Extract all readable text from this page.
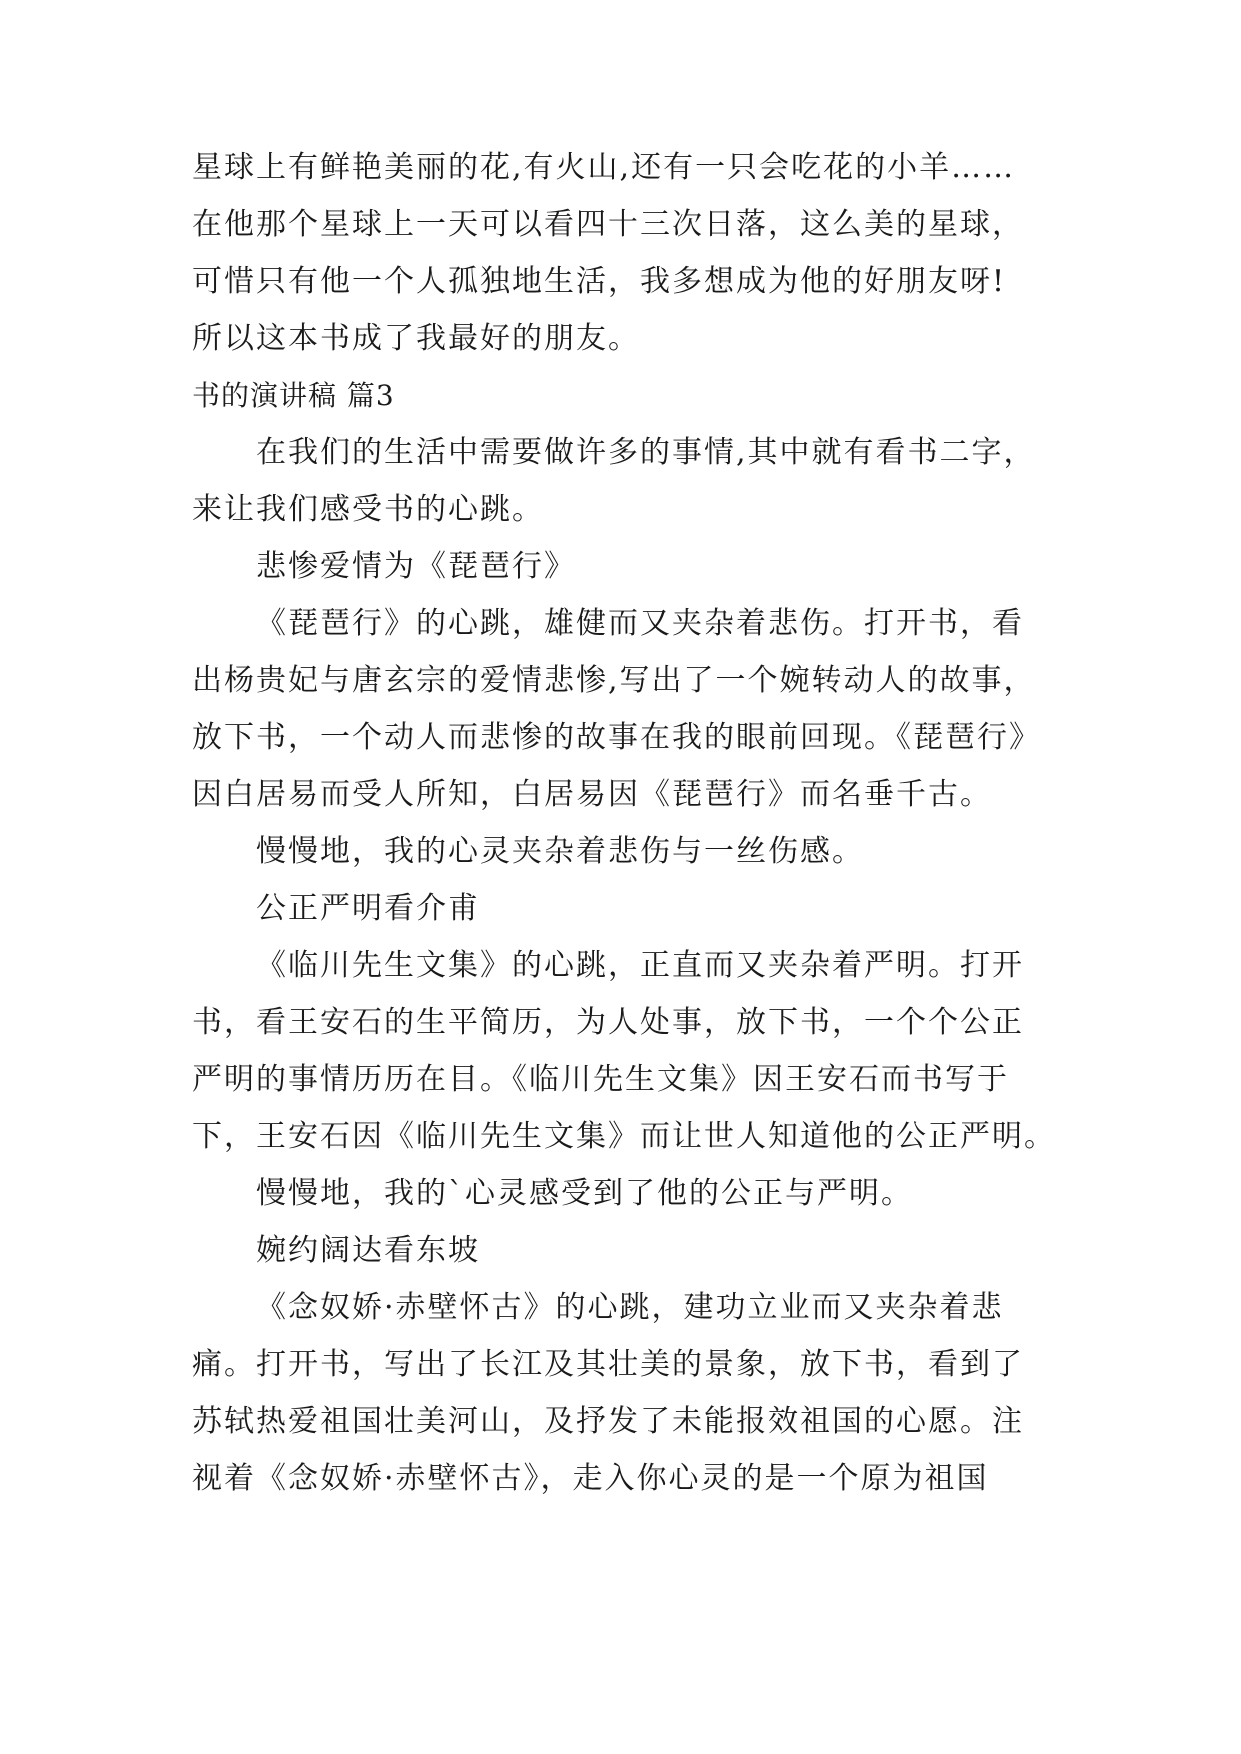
星球上有鲜艳美丽的花,有火山,还有一只会吃花的小羊……
在他那个星球上一天可以看四十三次日落，这么美的星球，
可惜只有他一个人孤独地生活，我多想成为他的好朋友呀!
所以这本书成了我最好的朋友。
书的演讲稿 篇3
在我们的生活中需要做许多的事情,其中就有看书二字，
来让我们感受书的心跳。
悲惨爱情为《琵琶行》
《琵琶行》的心跳，雄健而又夹杂着悲伤。打开书，看
出杨贵妃与唐玄宗的爱情悲惨,写出了一个婉转动人的故事，
放下书，一个动人而悲惨的故事在我的眼前回现。《琵琶行》
因白居易而受人所知，白居易因《琵琶行》而名垂千古。
慢慢地，我的心灵夹杂着悲伤与一丝伤感。
公正严明看介甫
《临川先生文集》的心跳，正直而又夹杂着严明。打开
书，看王安石的生平简历，为人处事，放下书，一个个公正
严明的事情历历在目。《临川先生文集》因王安石而书写于
下，王安石因《临川先生文集》而让世人知道他的公正严明。
慢慢地，我的`心灵感受到了他的公正与严明。
婉约阔达看东坡
《念奴娇·赤壁怀古》的心跳，建功立业而又夹杂着悲
痛。打开书，写出了长江及其壮美的景象，放下书，看到了
苏轼热爱祖国壮美河山，及抒发了未能报效祖国的心愿。注
视着《念奴娇·赤壁怀古》，走入你心灵的是一个原为祖国
